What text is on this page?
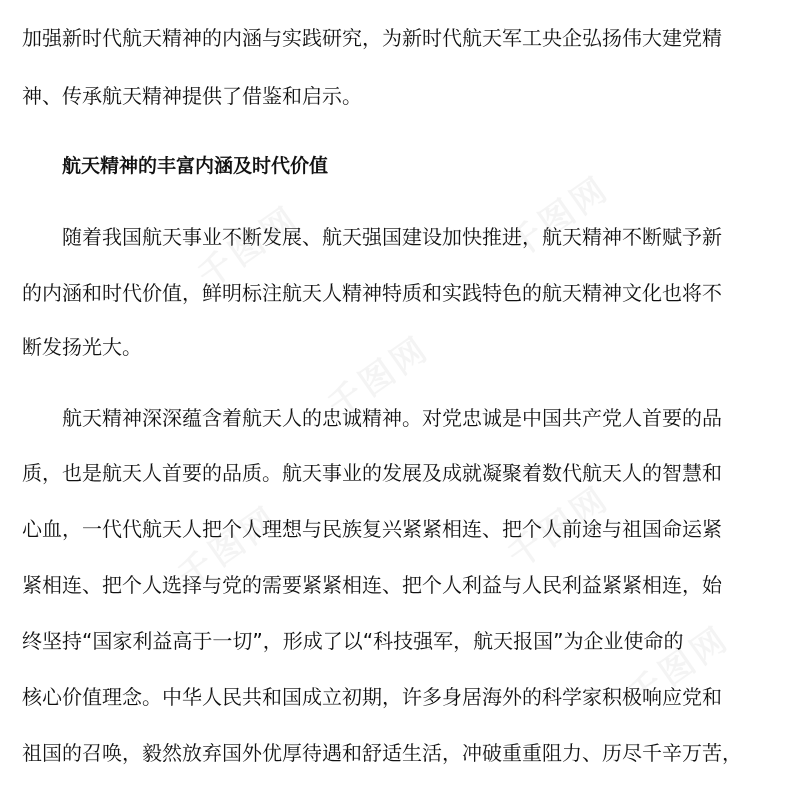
加强新时代航天精神的内涵与实践研究，为新时代航天军工央企弘扬伟大建党精
神、传承航天精神提供了借鉴和启示。
航天精神的丰富内涵及时代价值
随着我国航天事业不断发展、航天强国建设加快推进，航天精神不断赋予新
的内涵和时代价值，鲜明标注航天人精神特质和实践特色的航天精神文化也将不
断发扬光大。
航天精神深深蕴含着航天人的忠诚精神。对党忠诚是中国共产党人首要的品
质，也是航天人首要的品质。航天事业的发展及成就凝聚着数代航天人的智慧和
心血，一代代航天人把个人理想与民族复兴紧紧相连、把个人前途与祖国命运紧
紧相连、把个人选择与党的需要紧紧相连、把个人利益与人民利益紧紧相连，始
终坚持“国家利益高于一切”，形成了以“科技强军，航天报国”为企业使命的
核心价值理念。中华人民共和国成立初期，许多身居海外的科学家积极响应党和
祖国的召唤，毅然放弃国外优厚待遇和舒适生活，冲破重重阻力、历尽千辛万苦，
